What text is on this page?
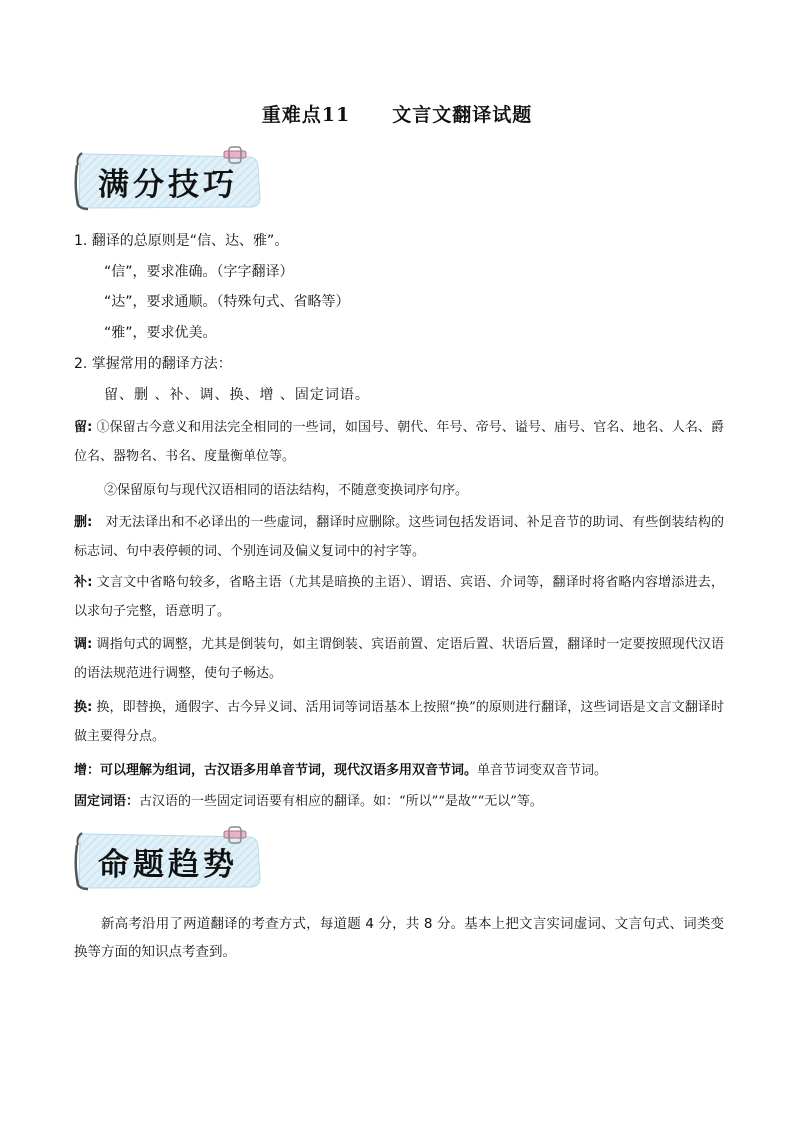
重难点11 文言文翻译试题
满分技巧
1. 翻译的总原则是“信、达、雅”。
“信”，要求准确。（字字翻译）
“达”，要求通顺。（特殊句式、省略等）
“雅”，要求优美。
2. 掌握常用的翻译方法：
留、删 、补、调、换、增 、固定词语。
留: ①保留古今意义和用法完全相同的一些词，如国号、朝代、年号、帝号、谥号、庙号、官名、地名、人名、爵位名、器物名、书名、度量衡单位等。
②保留原句与现代汉语相同的语法结构，不随意变换词序句序。
删:　对无法译出和不必译出的一些虚词，翻译时应删除。这些词包括发语词、补足音节的助词、有些倒装结构的标志词、句中表停顿的词、个别连词及偏义复词中的衬字等。
补: 文言文中省略句较多，省略主语（尤其是暗换的主语）、谓语、宾语、介词等，翻译时将省略内容增添进去，以求句子完整，语意明了。
调: 调指句式的调整，尤其是倒装句，如主谓倒装、宾语前置、定语后置、状语后置，翻译时一定要按照现代汉语的语法规范进行调整，使句子畅达。
换: 换，即替换，通假字、古今异义词、活用词等词语基本上按照“换”的原则进行翻译，这些词语是文言文翻译时做主要得分点。
增：可以理解为组词，古汉语多用单音节词，现代汉语多用双音节词。单音节词变双音节词。
固定词语：古汉语的一些固定词语要有相应的翻译。如：“所以”“是故”“无以”等。
命题趋势
新高考沿用了两道翻译的考查方式，每道题 4 分，共 8 分。基本上把文言实词虚词、文言句式、词类变换等方面的知识点考查到。
